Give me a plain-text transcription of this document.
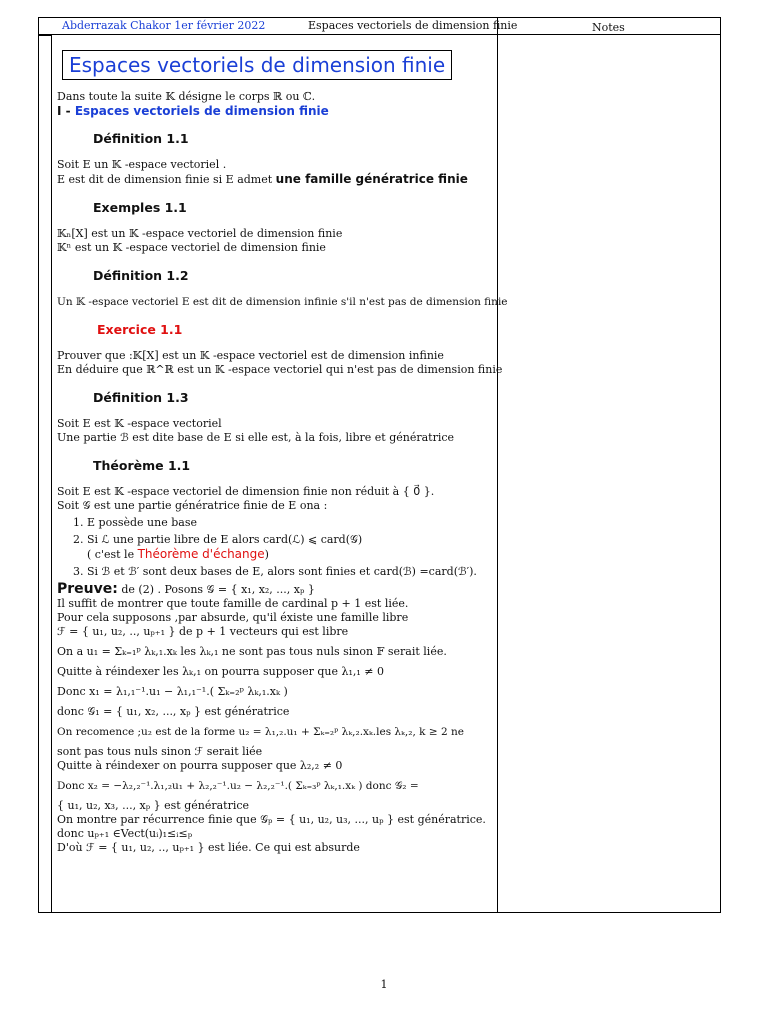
Abderrazak Chakor 1er février 2022	Espaces vectoriels de dimension finie	Notes
Espaces vectoriels de dimension finie

Dans toute la suite 𝕂 désigne le corps ℝ ou ℂ.

I - Espaces vectoriels de dimension finie

Définition 1.1

Soit E un 𝕂 -espace vectoriel .

E est dit de dimension finie si E admet une famille génératrice finie

Exemples 1.1

𝕂ₙ[X] est un 𝕂 -espace vectoriel de dimension finie

𝕂ⁿ est un 𝕂 -espace vectoriel de dimension finie

Définition 1.2

Un 𝕂 -espace vectoriel E est dit de dimension infinie s'il n'est pas de dimension finie

Exercice 1.1

Prouver que :𝕂[X] est un 𝕂 -espace vectoriel est de dimension infinie

En déduire que ℝ^ℝ est un 𝕂 -espace vectoriel qui n'est pas de dimension finie

Définition 1.3

Soit E est 𝕂 -espace vectoriel

Une partie ℬ est dite base de E si elle est, à la fois, libre et génératrice

Théorème 1.1

Soit E est 𝕂 -espace vectoriel de dimension finie non réduit à { 0⃗ }.

Soit 𝒢 est une partie génératrice finie de E ona :

1. E possède une base
2. Si ℒ une partie libre de E alors card(ℒ) ⩽ card(𝒢)
( c'est le Théorème d'échange)
3. Si ℬ et ℬ′ sont deux bases de E, alors sont finies et card(ℬ) =card(ℬ′).

Preuve: de (2) . Posons 𝒢 = { x₁, x₂, ..., xₚ }

Il suffit de montrer que toute famille de cardinal p + 1 est liée.

Pour cela supposons ,par absurde, qu'il éxiste une famille libre

ℱ = { u₁, u₂, .., uₚ₊₁ } de p + 1 vecteurs qui est libre

On a u₁ = Σₖ₌₁ᵖ λₖ,₁.xₖ les λₖ,₁ ne sont pas tous nuls sinon 𝔽 serait liée.

Quitte à réindexer les λₖ,₁ on pourra supposer que λ₁,₁ ≠ 0

Donc x₁ = λ₁,₁⁻¹.u₁ − λ₁,₁⁻¹.( Σₖ₌₂ᵖ λₖ,₁.xₖ )

donc 𝒢₁ = { u₁, x₂, ..., xₚ } est génératrice

On recomence ;u₂ est de la forme u₂ = λ₁,₂.u₁ + Σₖ₌₂ᵖ λₖ,₂.xₖ.les λₖ,₂, k ≥ 2 ne

sont pas tous nuls sinon ℱ serait liée

Quitte à réindexer on pourra supposer que λ₂,₂ ≠ 0

Donc x₂ = −λ₂,₂⁻¹.λ₁,₂u₁ + λ₂,₂⁻¹.u₂ − λ₂,₂⁻¹.( Σₖ₌₃ᵖ λₖ,₁.xₖ ) donc 𝒢₂ =

{ u₁, u₂, x₃, ..., xₚ } est génératrice

On montre par récurrence finie que 𝒢ₚ = { u₁, u₂, u₃, ..., uₚ } est génératrice.

donc uₚ₊₁ ∈Vect(uᵢ)₁≤ᵢ≤ₚ

D'où ℱ = { u₁, u₂, .., uₚ₊₁ } est liée. Ce qui est absurde

1
